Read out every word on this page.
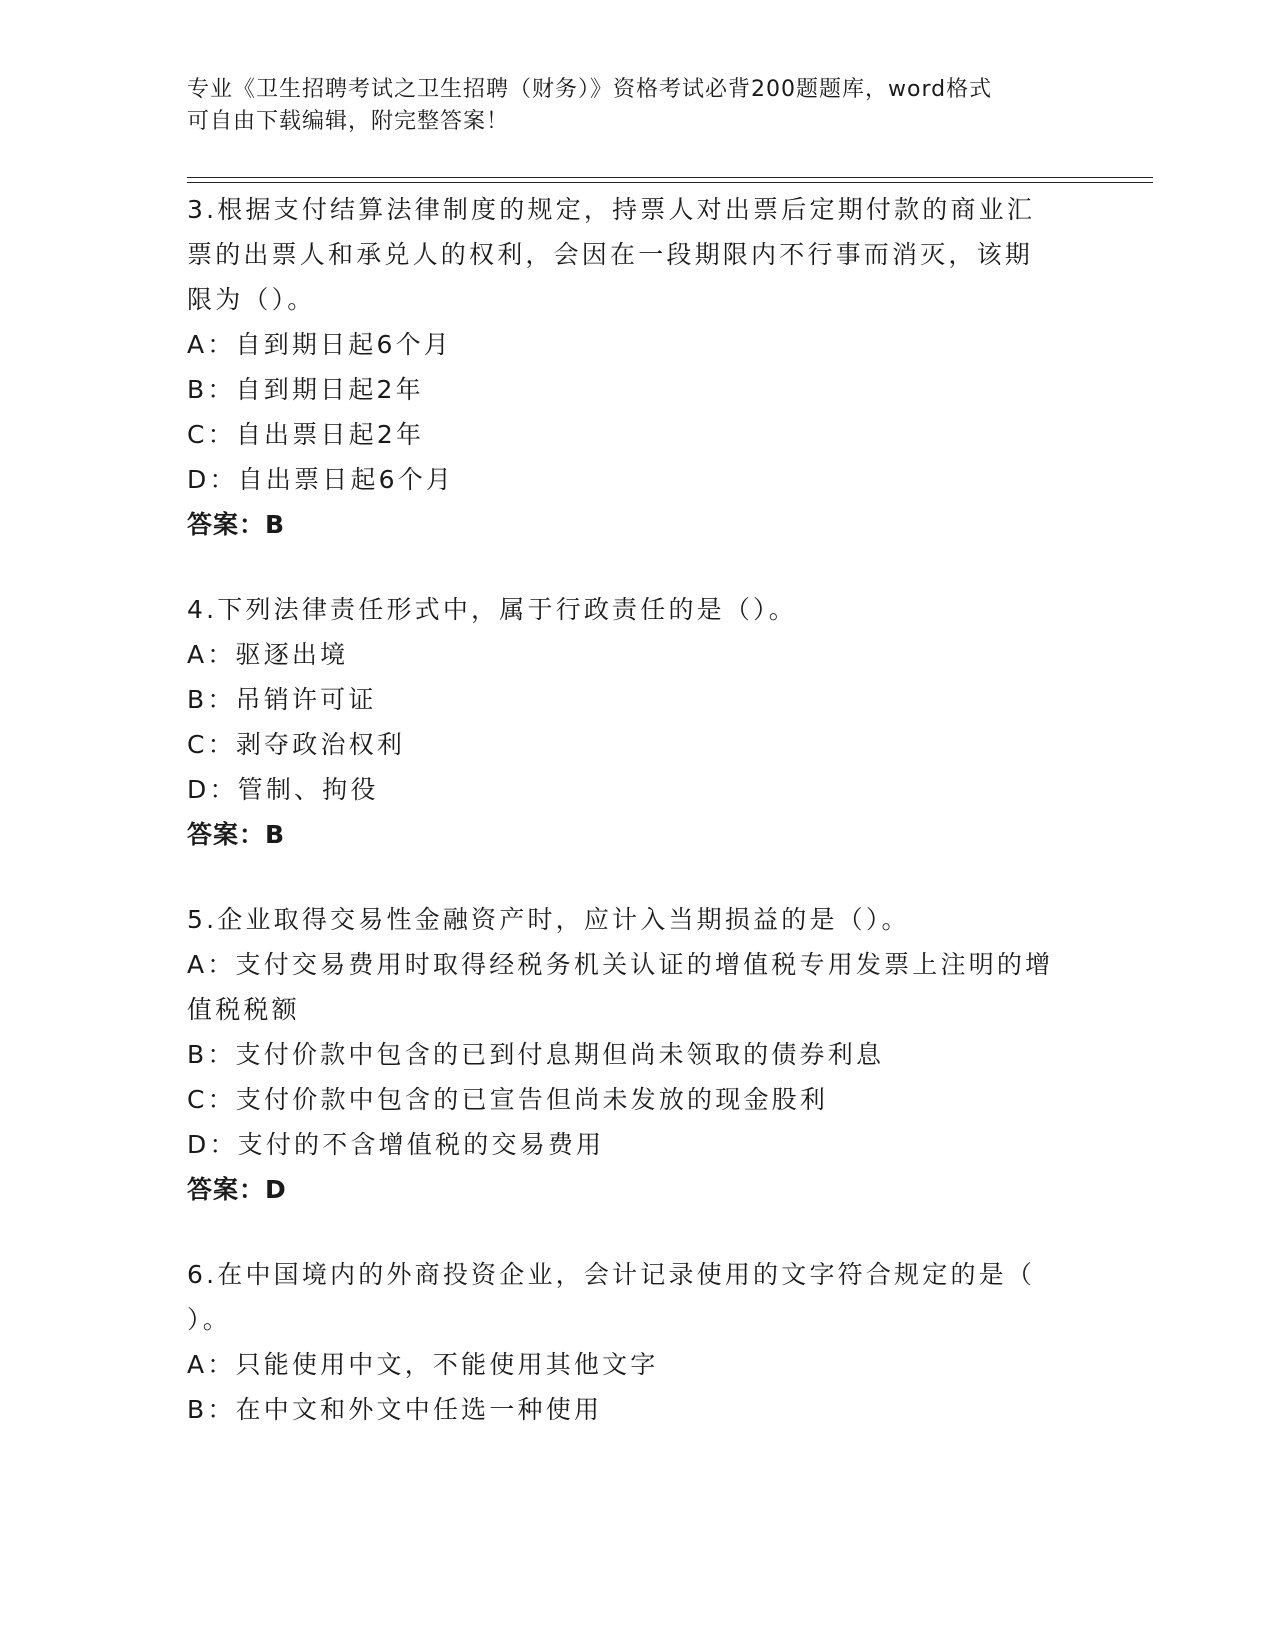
专业《卫生招聘考试之卫生招聘（财务）》资格考试必背200题题库，word格式
可自由下载编辑，附完整答案！
3.根据支付结算法律制度的规定，持票人对出票后定期付款的商业汇
票的出票人和承兑人的权利，会因在一段期限内不行事而消灭，该期
限为（）。
A：自到期日起6个月
B：自到期日起2年
C：自出票日起2年
D：自出票日起6个月
答案：B
4.下列法律责任形式中，属于行政责任的是（）。
A：驱逐出境
B：吊销许可证
C：剥夺政治权利
D：管制、拘役
答案：B
5.企业取得交易性金融资产时，应计入当期损益的是（）。
A：支付交易费用时取得经税务机关认证的增值税专用发票上注明的增
值税税额
B：支付价款中包含的已到付息期但尚未领取的债券利息
C：支付价款中包含的已宣告但尚未发放的现金股利
D：支付的不含增值税的交易费用
答案：D
6.在中国境内的外商投资企业，会计记录使用的文字符合规定的是（
）。
A：只能使用中文，不能使用其他文字
B：在中文和外文中任选一种使用
